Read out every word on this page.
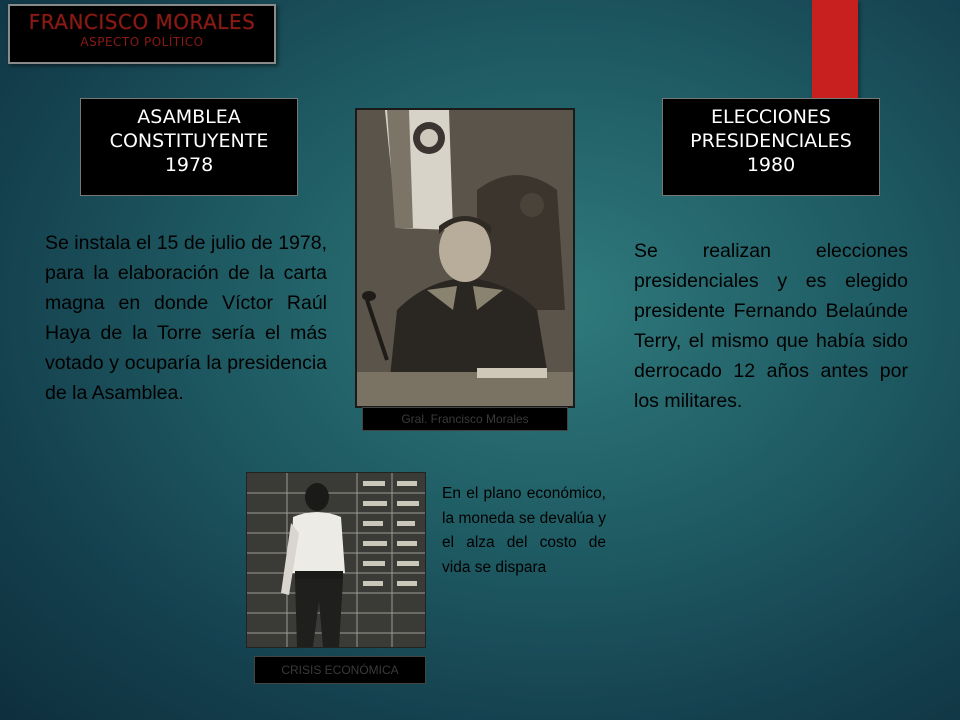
FRANCISCO MORALES
ASPECTO POLÍTICO
ASAMBLEA
CONSTITUYENTE
1978
ELECCIONES
PRESIDENCIALES
1980
Se instala el 15 de julio de 1978, para la elaboración de la carta magna en donde Víctor Raúl Haya de la Torre sería el más votado y ocuparía la presidencia de la Asamblea.
Se realizan elecciones presidenciales y es elegido presidente Fernando Belaúnde Terry, el mismo que había sido derrocado 12 años antes por los militares.
Gral. Francisco Morales
CRISIS ECONÓMICA
En el plano económico, la moneda se devalúa y el alza del costo de vida se dispara
